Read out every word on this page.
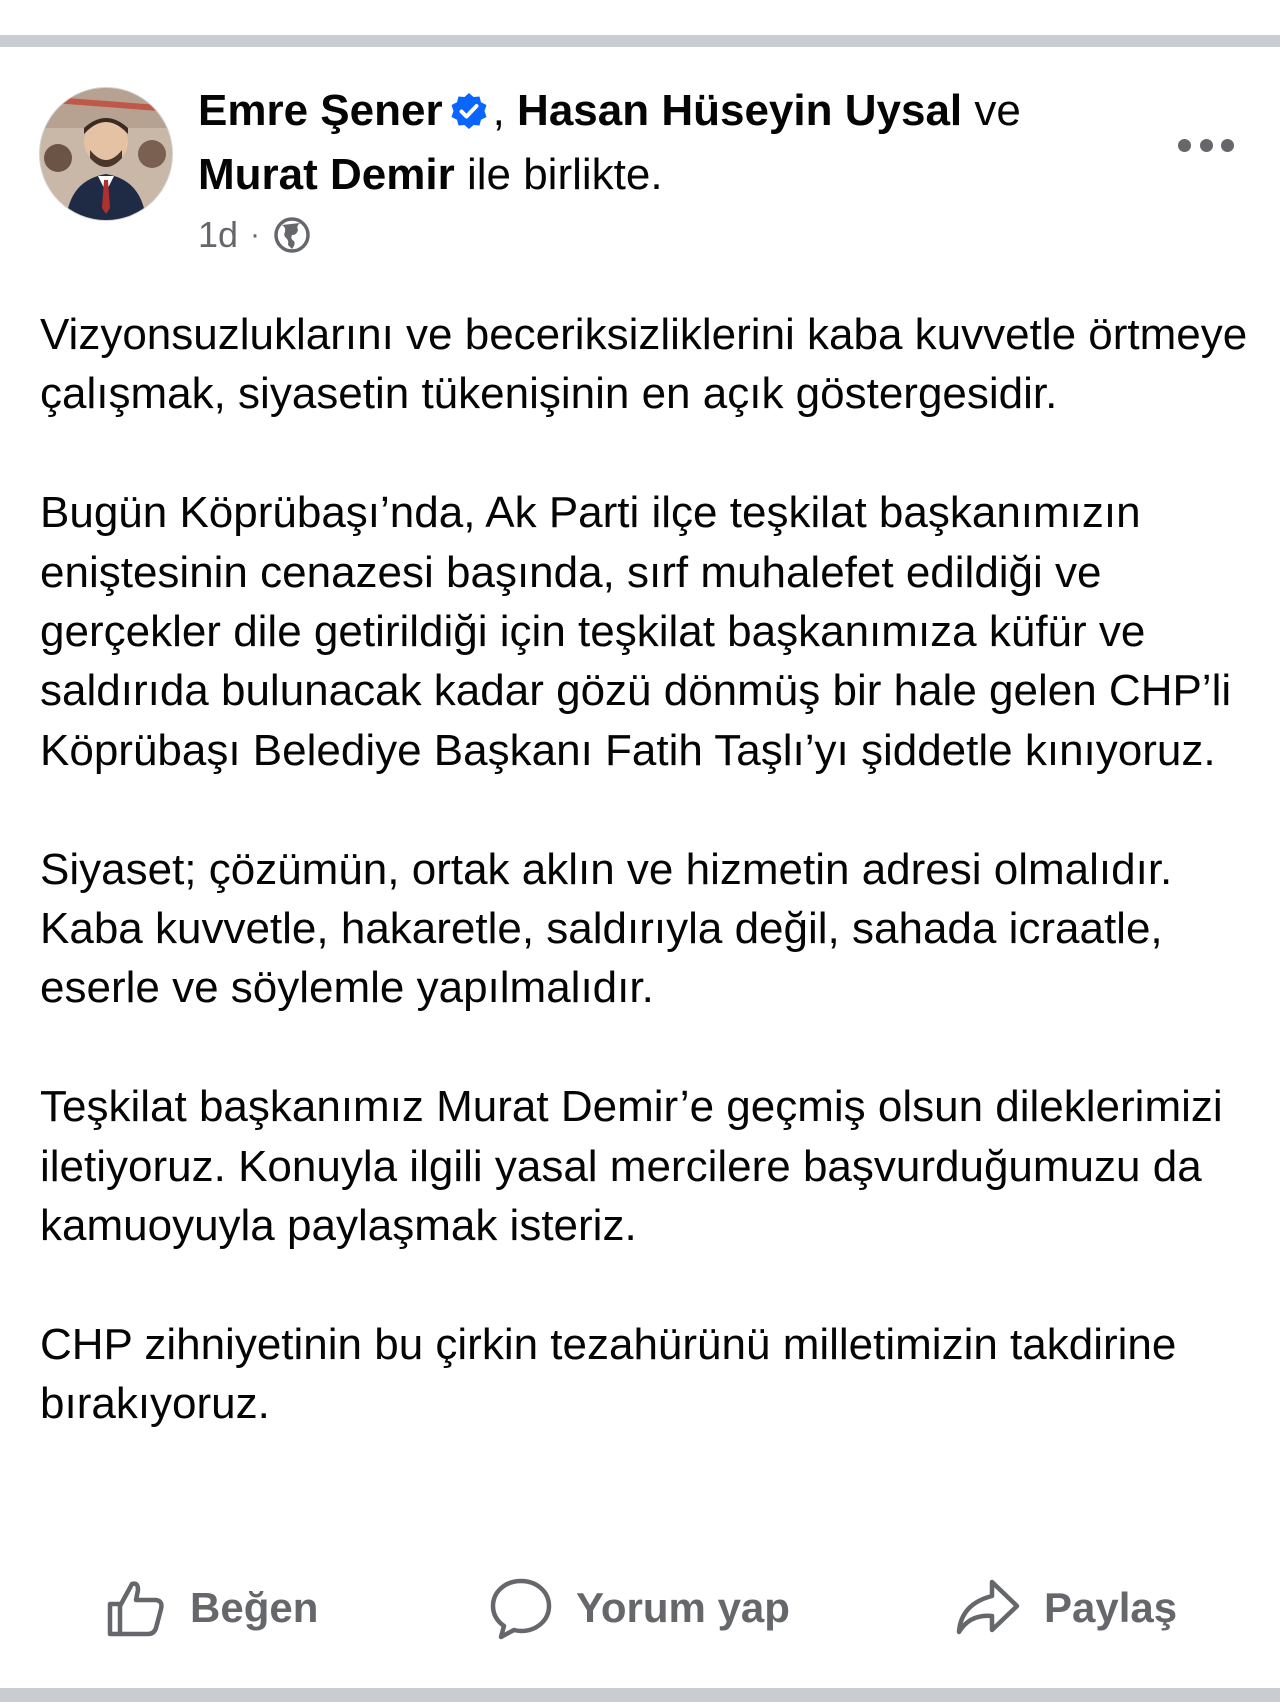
Emre Şener , Hasan Hüseyin Uysal ve
Murat Demir ile birlikte.
1d ·

Vizyonsuzluklarını ve beceriksizliklerini kaba kuvvetle örtmeye çalışmak, siyasetin tükenişinin en açık göstergesidir.

Bugün Köprübaşı’nda, Ak Parti ilçe teşkilat başkanımızın eniştesinin cenazesi başında, sırf muhalefet edildiği ve gerçekler dile getirildiği için teşkilat başkanımıza küfür ve saldırıda bulunacak kadar gözü dönmüş bir hale gelen CHP’li Köprübaşı Belediye Başkanı Fatih Taşlı’yı şiddetle kınıyoruz.

Siyaset; çözümün, ortak aklın ve hizmetin adresi olmalıdır. Kaba kuvvetle, hakaretle, saldırıyla değil, sahada icraatle, eserle ve söylemle yapılmalıdır.

Teşkilat başkanımız Murat Demir’e geçmiş olsun dileklerimizi iletiyoruz. Konuyla ilgili yasal mercilere başvurduğumuzu da kamuoyuyla paylaşmak isteriz.

CHP zihniyetinin bu çirkin tezahürünü milletimizin takdirine bırakıyoruz.

Beğen	Yorum yap	Paylaş
